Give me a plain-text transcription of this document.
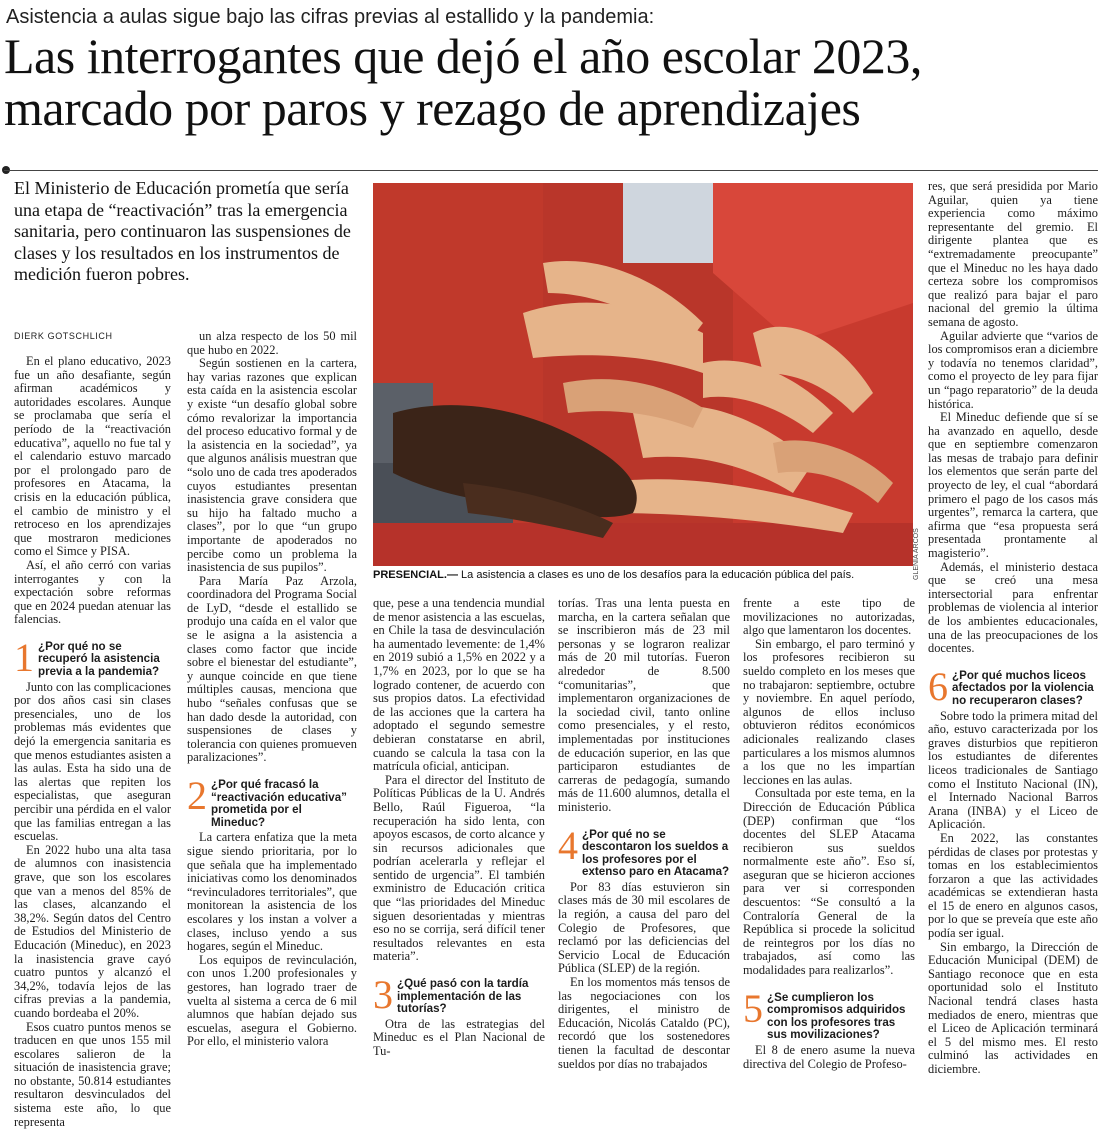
Asistencia a aulas sigue bajo las cifras previas al estallido y la pandemia:
Las interrogantes que dejó el año escolar 2023, marcado por paros y rezago de aprendizajes
El Ministerio de Educación prometía que sería una etapa de “reactivación” tras la emergencia sanitaria, pero continuaron las suspensiones de clases y los resultados en los instrumentos de medición fueron pobres.
DIERK GOTSCHLICH
GLENIA ARCOS
PRESENCIAL.— La asistencia a clases es uno de los desafíos para la educación pública del país.

En el plano educativo, 2023 fue un año desafiante, según afirman académicos y autoridades escolares. Aunque se proclamaba que sería el período de la “reactivación educativa”, aquello no fue tal y el calendario estuvo marcado por el prolongado paro de profesores en Atacama, la crisis en la educación pública, el cambio de ministro y el retroceso en los aprendizajes que mostraron mediciones como el Simce y PISA.

Así, el año cerró con varias interrogantes y con la expectación sobre reformas que en 2024 puedan atenuar las falencias.

1 ¿Por qué no se recuperó la asistencia previa a la pandemia?

Junto con las complicaciones por dos años casi sin clases presenciales, uno de los problemas más evidentes que dejó la emergencia sanitaria es que menos estudiantes asisten a las aulas. Esta ha sido una de las alertas que repiten los especialistas, que aseguran percibir una pérdida en el valor que las familias entregan a las escuelas.

En 2022 hubo una alta tasa de alumnos con inasistencia grave, que son los escolares que van a menos del 85% de las clases, alcanzando el 38,2%. Según datos del Centro de Estudios del Ministerio de Educación (Mineduc), en 2023 la inasistencia grave cayó cuatro puntos y alcanzó el 34,2%, todavía lejos de las cifras previas a la pandemia, cuando bordeaba el 20%.

Esos cuatro puntos menos se traducen en que unos 155 mil escolares salieron de la situación de inasistencia grave; no obstante, 50.814 estudiantes resultaron desvinculados del sistema este año, lo que representa

un alza respecto de los 50 mil que hubo en 2022.

Según sostienen en la cartera, hay varias razones que explican esta caída en la asistencia escolar y existe “un desafío global sobre cómo revalorizar la importancia del proceso educativo formal y de la asistencia en la sociedad”, ya que algunos análisis muestran que “solo uno de cada tres apoderados cuyos estudiantes presentan inasistencia grave considera que su hijo ha faltado mucho a clases”, por lo que “un grupo importante de apoderados no percibe como un problema la inasistencia de sus pupilos”.

Para María Paz Arzola, coordinadora del Programa Social de LyD, “desde el estallido se produjo una caída en el valor que se le asigna a la asistencia a clases como factor que incide sobre el bienestar del estudiante”, y aunque coincide en que tiene múltiples causas, menciona que hubo “señales confusas que se han dado desde la autoridad, con suspensiones de clases y tolerancia con quienes promueven paralizaciones”.

2 ¿Por qué fracasó la “reactivación educativa” prometida por el Mineduc?

La cartera enfatiza que la meta sigue siendo prioritaria, por lo que señala que ha implementado iniciativas como los denominados “revinculadores territoriales”, que monitorean la asistencia de los escolares y los instan a volver a clases, incluso yendo a sus hogares, según el Mineduc.

Los equipos de revinculación, con unos 1.200 profesionales y gestores, han logrado traer de vuelta al sistema a cerca de 6 mil alumnos que habían dejado sus escuelas, asegura el Gobierno. Por ello, el ministerio valora

que, pese a una tendencia mundial de menor asistencia a las escuelas, en Chile la tasa de desvinculación ha aumentado levemente: de 1,4% en 2019 subió a 1,5% en 2022 y a 1,7% en 2023, por lo que se ha logrado contener, de acuerdo con sus propios datos. La efectividad de las acciones que la cartera ha adoptado el segundo semestre debieran constatarse en abril, cuando se calcula la tasa con la matrícula oficial, anticipan.

Para el director del Instituto de Políticas Públicas de la U. Andrés Bello, Raúl Figueroa, “la recuperación ha sido lenta, con apoyos escasos, de corto alcance y sin recursos adicionales que podrían acelerarla y reflejar el sentido de urgencia”. El también exministro de Educación critica que “las prioridades del Mineduc siguen desorientadas y mientras eso no se corrija, será difícil tener resultados relevantes en esta materia”.

3 ¿Qué pasó con la tardía implementación de las tutorías?

Otra de las estrategias del Mineduc es el Plan Nacional de Tu-

torías. Tras una lenta puesta en marcha, en la cartera señalan que se inscribieron más de 23 mil personas y se lograron realizar más de 20 mil tutorías. Fueron alrededor de 8.500 “comunitarias”, que implementaron organizaciones de la sociedad civil, tanto online como presenciales, y el resto, implementadas por instituciones de educación superior, en las que participaron estudiantes de carreras de pedagogía, sumando más de 11.600 alumnos, detalla el ministerio.

4 ¿Por qué no se descontaron los sueldos a los profesores por el extenso paro en Atacama?

Por 83 días estuvieron sin clases más de 30 mil escolares de la región, a causa del paro del Colegio de Profesores, que reclamó por las deficiencias del Servicio Local de Educación Pública (SLEP) de la región.

En los momentos más tensos de las negociaciones con los dirigentes, el ministro de Educación, Nicolás Cataldo (PC), recordó que los sostenedores tienen la facultad de descontar sueldos por días no trabajados

frente a este tipo de movilizaciones no autorizadas, algo que lamentaron los docentes.

Sin embargo, el paro terminó y los profesores recibieron su sueldo completo en los meses que no trabajaron: septiembre, octubre y noviembre. En aquel período, algunos de ellos incluso obtuvieron réditos económicos adicionales realizando clases particulares a los mismos alumnos a los que no les impartían lecciones en las aulas.

Consultada por este tema, en la Dirección de Educación Pública (DEP) confirman que “los docentes del SLEP Atacama recibieron sus sueldos normalmente este año”. Eso sí, aseguran que se hicieron acciones para ver si corresponden descuentos: “Se consultó a la Contraloría General de la República si procede la solicitud de reintegros por los días no trabajados, así como las modalidades para realizarlos”.

5 ¿Se cumplieron los compromisos adquiridos con los profesores tras sus movilizaciones?

El 8 de enero asume la nueva directiva del Colegio de Profeso-

res, que será presidida por Mario Aguilar, quien ya tiene experiencia como máximo representante del gremio. El dirigente plantea que es “extremadamente preocupante” que el Mineduc no les haya dado certeza sobre los compromisos que realizó para bajar el paro nacional del gremio la última semana de agosto.

Aguilar advierte que “varios de los compromisos eran a diciembre y todavía no tenemos claridad”, como el proyecto de ley para fijar un “pago reparatorio” de la deuda histórica.

El Mineduc defiende que sí se ha avanzado en aquello, desde que en septiembre comenzaron las mesas de trabajo para definir los elementos que serán parte del proyecto de ley, el cual “abordará primero el pago de los casos más urgentes”, remarca la cartera, que afirma que “esa propuesta será presentada prontamente al magisterio”.

Además, el ministerio destaca que se creó una mesa intersectorial para enfrentar problemas de violencia al interior de los ambientes educacionales, una de las preocupaciones de los docentes.

6 ¿Por qué muchos liceos afectados por la violencia no recuperaron clases?

Sobre todo la primera mitad del año, estuvo caracterizada por los graves disturbios que repitieron los estudiantes de diferentes liceos tradicionales de Santiago como el Instituto Nacional (IN), el Internado Nacional Barros Arana (INBA) y el Liceo de Aplicación.

En 2022, las constantes pérdidas de clases por protestas y tomas en los establecimientos forzaron a que las actividades académicas se extendieran hasta el 15 de enero en algunos casos, por lo que se preveía que este año podía ser igual.

Sin embargo, la Dirección de Educación Municipal (DEM) de Santiago reconoce que en esta oportunidad solo el Instituto Nacional tendrá clases hasta mediados de enero, mientras que el Liceo de Aplicación terminará el 5 del mismo mes. El resto culminó las actividades en diciembre.
